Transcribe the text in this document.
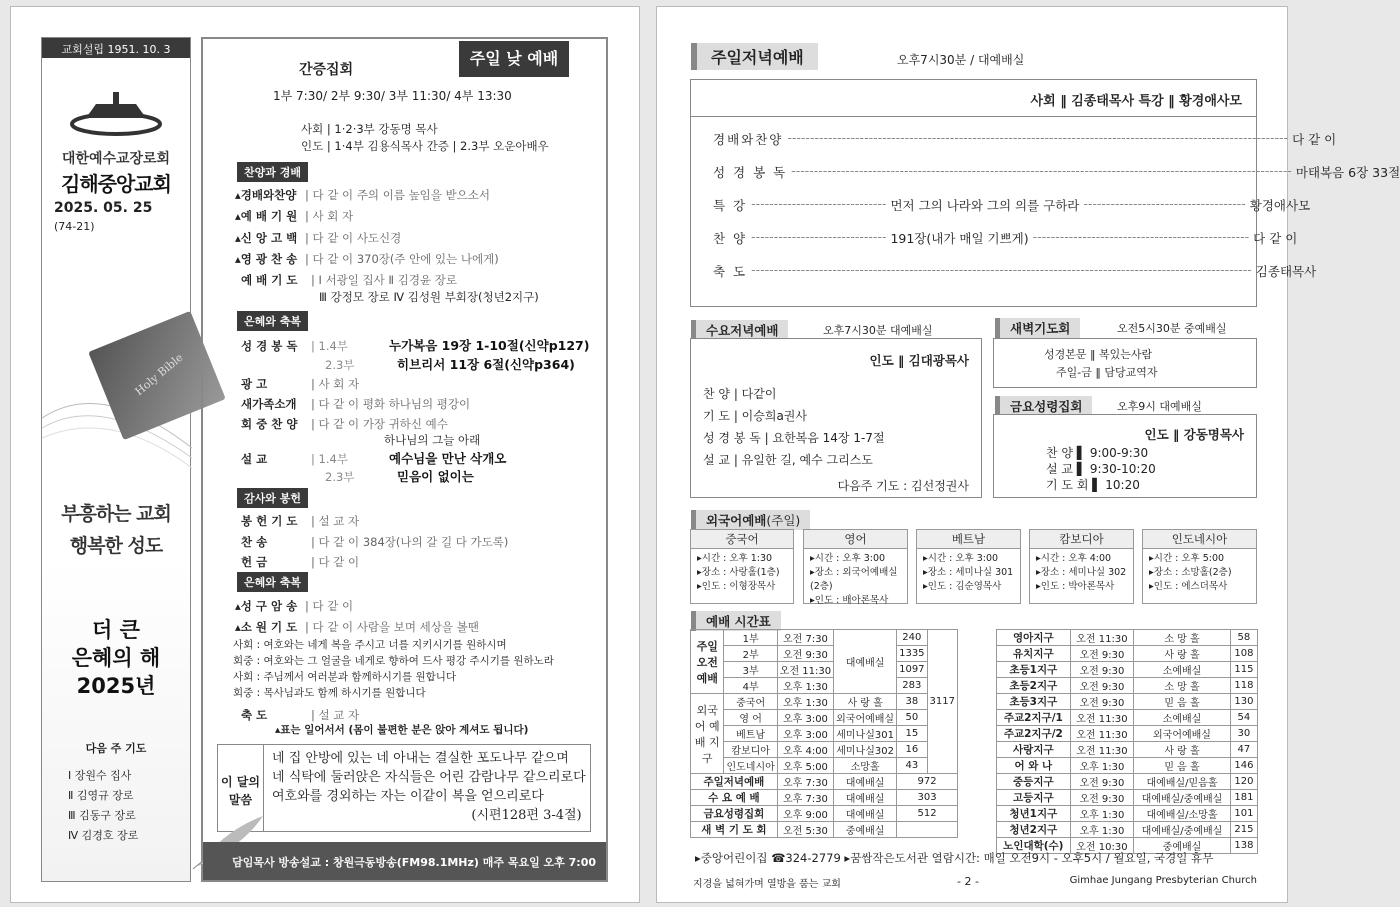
교회설립 1951. 10. 3
대한예수교장로회
김해중앙교회
2025. 05. 25
(74-21)
Holy Bible
부흥하는 교회
행복한 성도
더 큰
은혜의 해
2025년
다음 주 기도
Ⅰ 장원수 집사
Ⅱ 김영규 장로
Ⅲ 김동구 장로
Ⅳ 김경호 장로
주일 낮 예배
간증집회
1부 7:30/ 2부 9:30/ 3부 11:30/ 4부 13:30
사회 | 1·2·3부 강동명 목사
인도 | 1·4부 김용식목사 간증 | 2.3부 오운아배우
찬양과 경배
▴경배와찬양 | 다 같 이 주의 이름 높임을 받으소서
▴예 배 기 원 | 사 회 자
▴신 앙 고 백 | 다 같 이 사도신경
▴영 광 찬 송 | 다 같 이 370장(주 안에 있는 나에게)
예 배 기 도 | Ⅰ 서광일 집사 Ⅱ 김경윤 장로
Ⅲ 강정모 장로 Ⅳ 김성원 부회장(청년2지구)
은혜와 축복
성 경 봉 독 | 1.4부	누가복음 19장 1-10절(신약p127)
2.3부	히브리서 11장 6절(신약p364)
광 고	| 사 회 자
새가족소개 | 다 같 이 평화 하나님의 평강이
회 중 찬 양 | 다 같 이 가장 귀하신 예수
하나님의 그늘 아래
설 교	| 1.4부	예수님을 만난 삭개오
2.3부	믿음이 없이는
감사와 봉헌
봉 헌 기 도 | 설 교 자
찬 송	| 다 같 이 384장(나의 갈 길 다 가도록)
헌 금	| 다 같 이
은혜와 축복
▴성 구 암 송 | 다 같 이
▴소 원 기 도 | 다 같 이 사람을 보며 세상을 볼땐
사회 : 여호와는 네게 복을 주시고 너를 지키시기를 원하시며
회중 : 여호와는 그 얼굴을 네게로 향하여 드사 평강 주시기를 원하노라
사회 : 주님께서 여러분과 함께하시기를 원합니다
회중 : 목사님과도 함께 하시기를 원합니다
축 도	| 설 교 자
▴표는 일어서서 (몸이 불편한 분은 앉아 계셔도 됩니다)
이 달의
말씀
네 집 안방에 있는 네 아내는 결실한 포도나무 같으며
네 식탁에 둘러앉은 자식들은 어린 감람나무 같으리로다
여호와를 경외하는 자는 이같이 복을 얻으리로다
(시편128편 3-4절)
담임목사 방송설교 : 창원극동방송(FM98.1MHz) 매주 목요일 오후 7:00
주일저녁예배	오후7시30분 / 대예배실
사회 ‖ 김종태목사 특강 ‖ 황경애사모
경배와찬양 --------------------------------------------------------------------------------------------------------------- 다 같 이
성 경 봉 독 --------------------------------------------------------------------------------------------------------------- 마태복음 6장 33절
특 강 ------------------------------ 먼저 그의 나라와 그의 의를 구하라 ------------------------------------ 황경애사모
찬 양 ------------------------------ 191장(내가 매일 기쁘게) ------------------------------------------------ 다 같 이
축 도 --------------------------------------------------------------------------------------------------------------- 김종태목사
수요저녁예배	오후7시30분 대예배실
인도 ‖ 김대광목사
찬 양 | 다같이
기 도 | 이승희a권사
성 경 봉 독 | 요한복음 14장 1-7절
설 교 | 유일한 길, 예수 그리스도
다음주 기도 : 김선정권사
새벽기도회	오전5시30분 중예배실
성경본문 ‖ 복있는사람
주일-금 ‖ 담당교역자
금요성령집회	오후9시 대예배실
인도 ‖ 강동명목사
찬 양 ▌ 9:00-9:30
설 교 ▌ 9:30-10:20
기 도 회 ▌ 10:20
외국어예배(주일)
중국어
▸시간 : 오후 1:30
▸장소 : 사랑홀(1층)
▸인도 : 이형장목사
영어
▸시간 : 오후 3:00
▸장소 : 외국어예배실(2층)
▸인도 : 배아론목사
베트남
▸시간 : 오후 3:00
▸장소 : 세미나실 301
▸인도 : 김순영목사
캄보디아
▸시간 : 오후 4:00
▸장소 : 세미나실 302
▸인도 : 박아론목사
인도네시아
▸시간 : 오후 5:00
▸장소 : 소망홀(2층)
▸인도 : 에스더목사
예배 시간표
주일 오전 예배	1부	오전 7:30	대예배실	240	3117
	2부	오전 9:30		1335	
	3부	오전 11:30		1097	
	4부	오후 1:30		283	
외국어 예배 지구	중국어	오후 1:30	사 랑 홀	38	
	영 어	오후 3:00	외국어예배실	50	
	베트남	오후 3:00	세미나실301	15	
	캄보디아	오후 4:00	세미나실302	16	
	인도네시아	오후 5:00	소망홀	43	
주일저녁예배		오후 7:30	대예배실	972	
수 요 예 배		오후 7:30	대예배실	303	
금요성령집회		오후 9:00	대예배실	512	
새 벽 기 도 회		오전 5:30	중예배실		
영아지구	오전 11:30	소 망 홀	58
유치지구	오전 9:30	사 랑 홀	108
초등1지구	오전 9:30	소예배실	115
초등2지구	오전 9:30	소 망 홀	118
초등3지구	오전 9:30	믿 음 홀	130
주교2지구/1	오전 11:30	소예배실	54
주교2지구/2	오전 11:30	외국어예배실	30
사랑지구	오전 11:30	사 랑 홀	47
어 와 나	오후 1:30	믿 음 홀	146
중등지구	오전 9:30	대예배실/믿음홀	120
고등지구	오전 9:30	대예배실/중예배실	181
청년1지구	오후 1:30	대예배실/소망홀	101
청년2지구	오후 1:30	대예배실/중예배실	215
노인대학(수)	오전 10:30	중예배실	138
▸중앙어린이집 ☎324-2779 ▸꿈쌈작은도서관 열람시간: 매일 오전9시 - 오후5시 / 월요일, 국경일 휴무
지경을 넓혀가며 열방을 품는 교회	- 2 -	Gimhae Jungang Presbyterian Church
